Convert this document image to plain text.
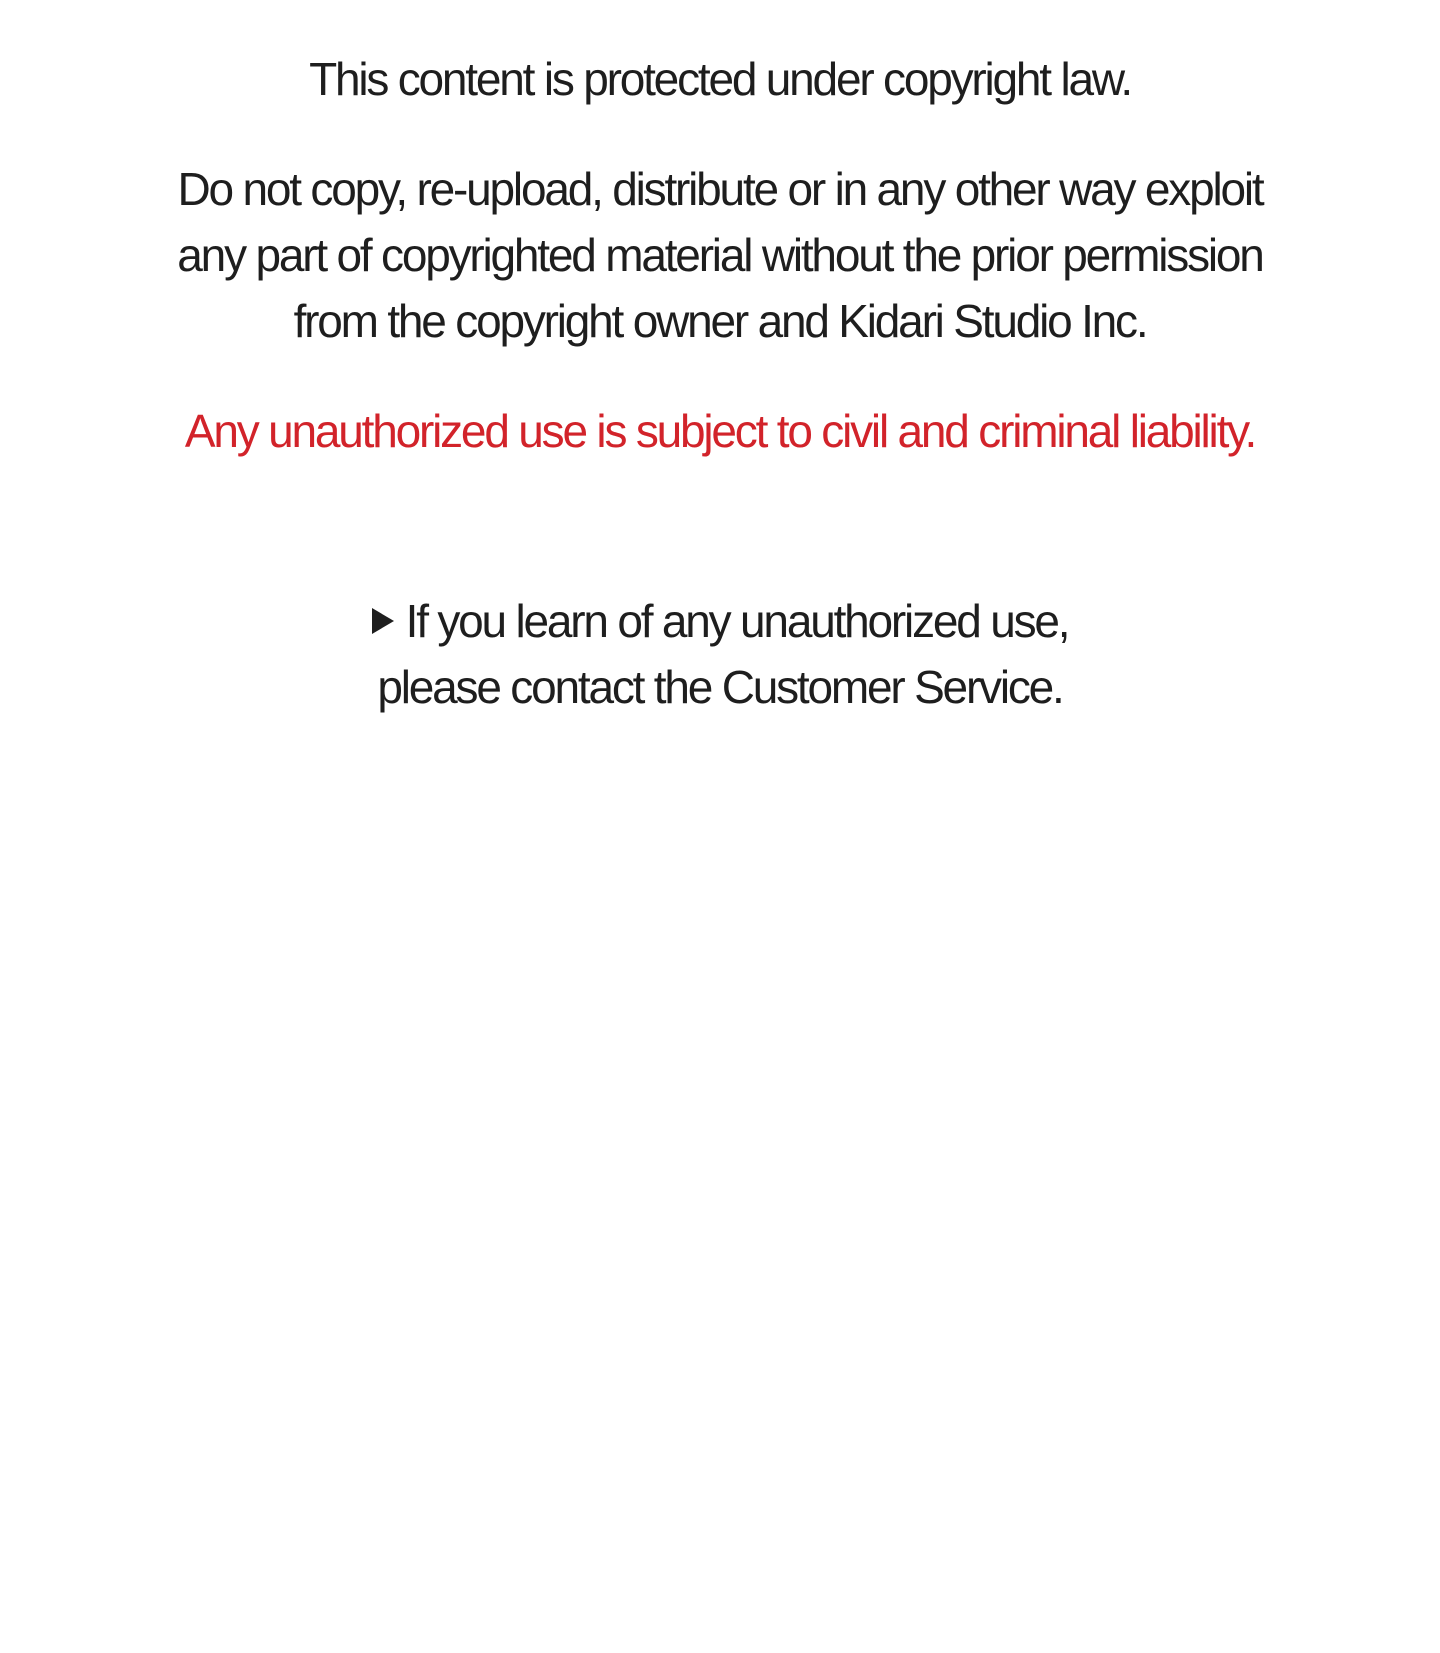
This content is protected under copyright law.
Do not copy, re-upload, distribute or in any other way exploit
any part of copyrighted material without the prior permission
from the copyright owner and Kidari Studio Inc.
Any unauthorized use is subject to civil and criminal liability.
If you learn of any unauthorized use,
please contact the Customer Service.
